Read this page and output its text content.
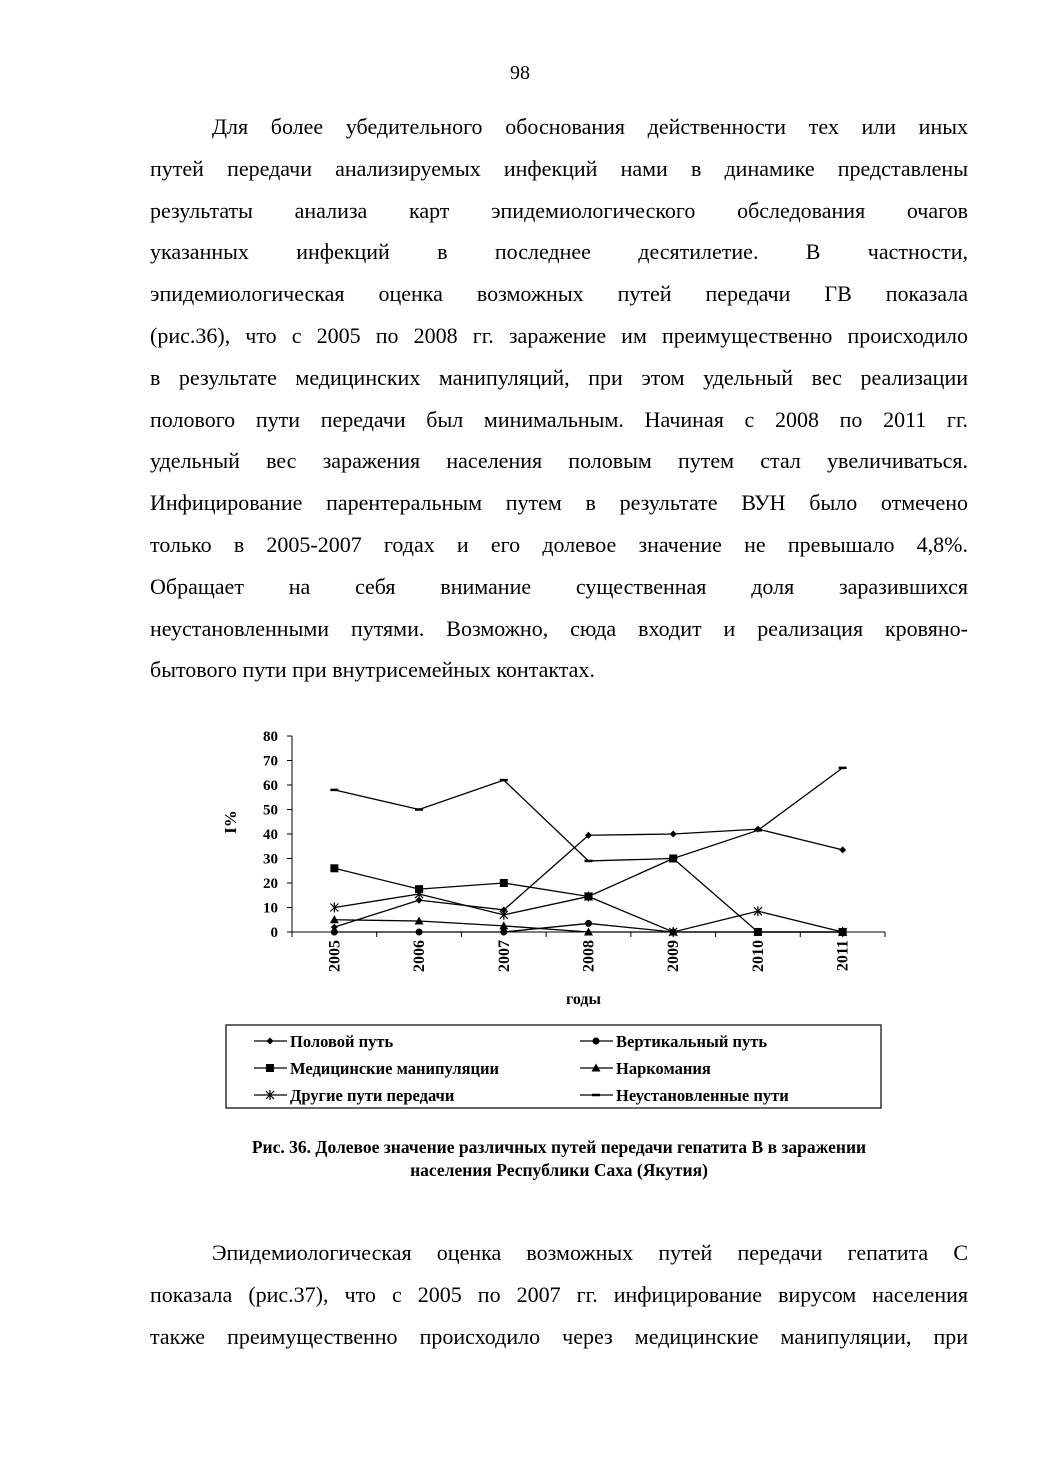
98

Для более убедительного обоснования действенности тех или иных
путей передачи анализируемых инфекций нами в динамике представлены
результаты анализа карт эпидемиологического обследования очагов
указанных инфекций в последнее десятилетие. В частности,
эпидемиологическая оценка возможных путей передачи ГВ показала
(рис.36), что с 2005 по 2008 гг. заражение им преимущественно происходило
в результате медицинских манипуляций, при этом удельный вес реализации
полового пути передачи был минимальным. Начиная с 2008 по 2011 гг.
удельный вес заражения населения половым путем стал увеличиваться.
Инфицирование парентеральным путем в результате ВУН было отмечено
только в 2005-2007 годах и его долевое значение не превышало 4,8%.
Обращает на себя внимание существенная доля заразившихся
неустановленными путями. Возможно, сюда входит и реализация кровяно-
бытового пути при внутрисемейных контактах.

0
10
20
30
40
50
60
70
80
2005	2006	2007	2008	2009	2010	2011
годы
I%
Половой путь	Вертикальный путь
Медицинские манипуляции	Наркомания
Другие пути передачи	Неустановленные пути
Рис. 36. Долевое значение различных путей передачи гепатита В в заражении
населения Республики Саха (Якутия)

Эпидемиологическая оценка возможных путей передачи гепатита С
показала (рис.37), что с 2005 по 2007 гг. инфицирование вирусом населения
также преимущественно происходило через медицинские манипуляции, при
